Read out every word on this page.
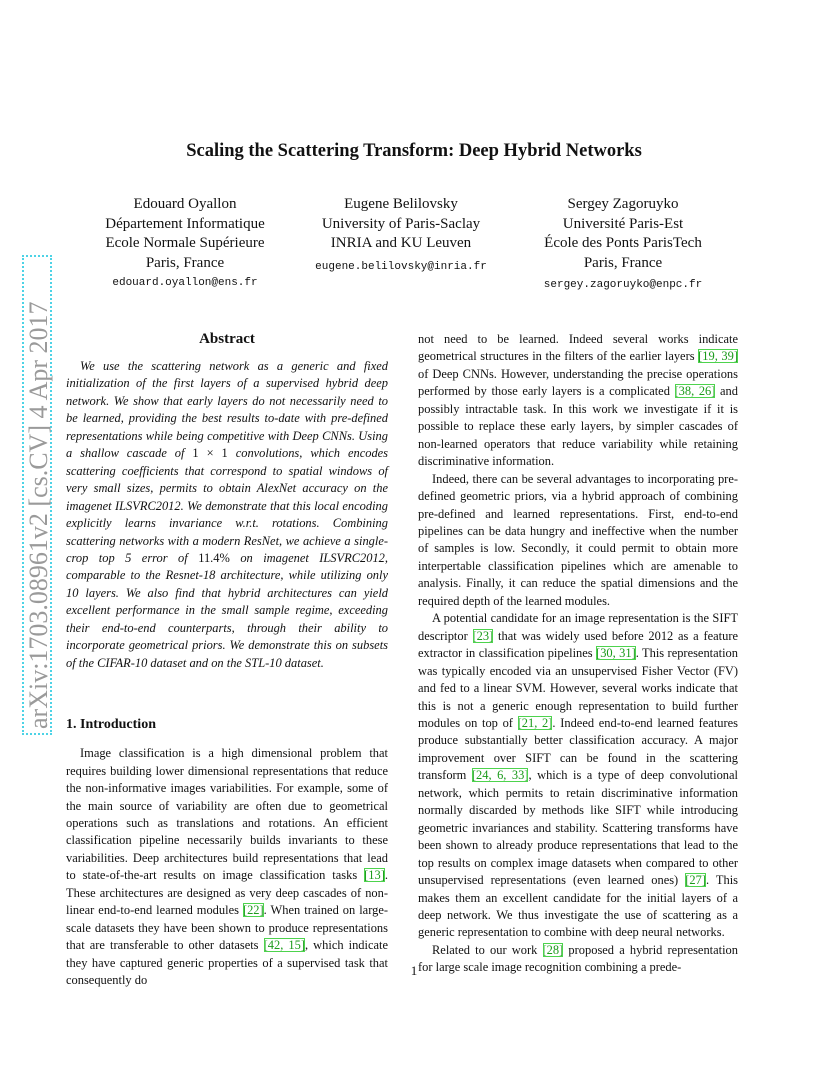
Scaling the Scattering Transform: Deep Hybrid Networks
Edouard Oyallon
Département Informatique
Ecole Normale Supérieure
Paris, France
edouard.oyallon@ens.fr
Eugene Belilovsky
University of Paris-Saclay
INRIA and KU Leuven
eugene.belilovsky@inria.fr
Sergey Zagoruyko
Université Paris-Est
École des Ponts ParisTech
Paris, France
sergey.zagoruyko@enpc.fr
arXiv:1703.08961v2 [cs.CV] 4 Apr 2017	Abstract

We use the scattering network as a generic and fixed initialization of the first layers of a supervised hybrid deep network. We show that early layers do not necessarily need to be learned, providing the best results to-date with pre-defined representations while being competitive with Deep CNNs. Using a shallow cascade of 1 × 1 convolutions, which encodes scattering coefficients that correspond to spatial windows of very small sizes, permits to obtain AlexNet accuracy on the imagenet ILSVRC2012. We demonstrate that this local encoding explicitly learns invariance w.r.t. rotations. Combining scattering networks with a modern ResNet, we achieve a single-crop top 5 error of 11.4% on imagenet ILSVRC2012, comparable to the Resnet-18 architecture, while utilizing only 10 layers. We also find that hybrid architectures can yield excellent performance in the small sample regime, exceeding their end-to-end counterparts, through their ability to incorporate geometrical priors. We demonstrate this on subsets of the CIFAR-10 dataset and on the STL-10 dataset.

1. Introduction

Image classification is a high dimensional problem that requires building lower dimensional representations that reduce the non-informative images variabilities. For example, some of the main source of variability are often due to geometrical operations such as translations and rotations. An efficient classification pipeline necessarily builds invariants to these variabilities. Deep architectures build representations that lead to state-of-the-art results on image classification tasks [13]. These architectures are designed as very deep cascades of non-linear end-to-end learned modules [22]. When trained on large-scale datasets they have been shown to produce representations that are transferable to other datasets [42, 15], which indicate they have captured generic properties of a supervised task that consequently do

not need to be learned. Indeed several works indicate geometrical structures in the filters of the earlier layers [19, 39] of Deep CNNs. However, understanding the precise operations performed by those early layers is a complicated [38, 26] and possibly intractable task. In this work we investigate if it is possible to replace these early layers, by simpler cascades of non-learned operators that reduce variability while retaining discriminative information.

Indeed, there can be several advantages to incorporating pre-defined geometric priors, via a hybrid approach of combining pre-defined and learned representations. First, end-to-end pipelines can be data hungry and ineffective when the number of samples is low. Secondly, it could permit to obtain more interpertable classification pipelines which are amenable to analysis. Finally, it can reduce the spatial dimensions and the required depth of the learned modules.

A potential candidate for an image representation is the SIFT descriptor [23] that was widely used before 2012 as a feature extractor in classification pipelines [30, 31]. This representation was typically encoded via an unsupervised Fisher Vector (FV) and fed to a linear SVM. However, several works indicate that this is not a generic enough representation to build further modules on top of [21, 2]. Indeed end-to-end learned features produce substantially better classification accuracy. A major improvement over SIFT can be found in the scattering transform [24, 6, 33], which is a type of deep convolutional network, which permits to retain discriminative information normally discarded by methods like SIFT while introducing geometric invariances and stability. Scattering transforms have been shown to already produce representations that lead to the top results on complex image datasets when compared to other unsupervised representations (even learned ones) [27]. This makes them an excellent candidate for the initial layers of a deep network. We thus investigate the use of scattering as a generic representation to combine with deep neural networks.

Related to our work [28] proposed a hybrid representation for large scale image recognition combining a prede-

1
